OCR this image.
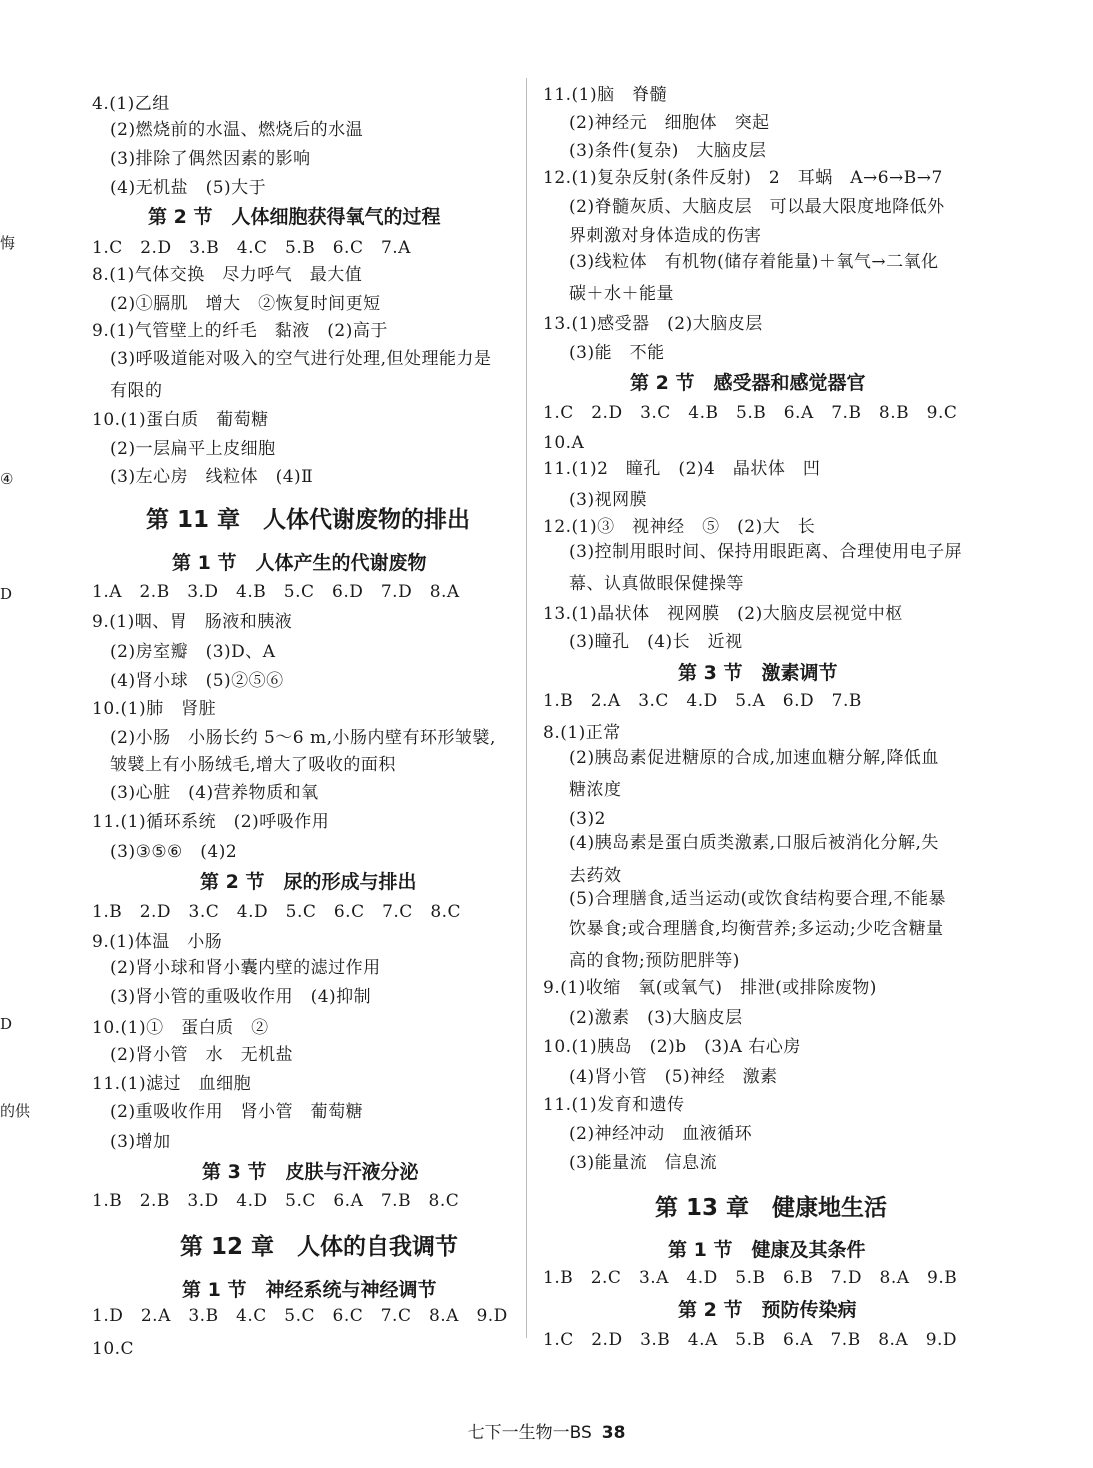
4.(1)乙组
(2)燃烧前的水温、燃烧后的水温
(3)排除了偶然因素的影响
(4)无机盐　(5)大于
第 2 节　人体细胞获得氧气的过程
1.C　2.D　3.B　4.C　5.B　6.C　7.A
8.(1)气体交换　尽力呼气　最大值
(2)①膈肌　增大　②恢复时间更短
9.(1)气管壁上的纤毛　黏液　(2)高于
(3)呼吸道能对吸入的空气进行处理,但处理能力是
有限的
10.(1)蛋白质　葡萄糖
(2)一层扁平上皮细胞
(3)左心房　线粒体　(4)Ⅱ
第 11 章　人体代谢废物的排出
第 1 节　人体产生的代谢废物
1.A　2.B　3.D　4.B　5.C　6.D　7.D　8.A
9.(1)咽、胃　肠液和胰液
(2)房室瓣　(3)D、A
(4)肾小球　(5)②⑤⑥
10.(1)肺　肾脏
(2)小肠　小肠长约 5～6 m,小肠内壁有环形皱襞,
皱襞上有小肠绒毛,增大了吸收的面积
(3)心脏　(4)营养物质和氧
11.(1)循环系统　(2)呼吸作用
(3)③⑤⑥　(4)2
第 2 节　尿的形成与排出
1.B　2.D　3.C　4.D　5.C　6.C　7.C　8.C
9.(1)体温　小肠
(2)肾小球和肾小囊内壁的滤过作用
(3)肾小管的重吸收作用　(4)抑制
10.(1)①　蛋白质　②
(2)肾小管　水　无机盐
11.(1)滤过　血细胞
(2)重吸收作用　肾小管　葡萄糖
(3)增加
第 3 节　皮肤与汗液分泌
1.B　2.B　3.D　4.D　5.C　6.A　7.B　8.C
第 12 章　人体的自我调节
第 1 节　神经系统与神经调节
1.D　2.A　3.B　4.C　5.C　6.C　7.C　8.A　9.D
10.C
11.(1)脑　脊髓
(2)神经元　细胞体　突起
(3)条件(复杂)　大脑皮层
12.(1)复杂反射(条件反射)　2　耳蜗　A→6→B→7
(2)脊髓灰质、大脑皮层　可以最大限度地降低外
界刺激对身体造成的伤害
(3)线粒体　有机物(储存着能量)＋氧气→二氧化
碳＋水＋能量
13.(1)感受器　(2)大脑皮层
(3)能　不能
第 2 节　感受器和感觉器官
1.C　2.D　3.C　4.B　5.B　6.A　7.B　8.B　9.C
10.A
11.(1)2　瞳孔　(2)4　晶状体　凹
(3)视网膜
12.(1)③　视神经　⑤　(2)大　长
(3)控制用眼时间、保持用眼距离、合理使用电子屏
幕、认真做眼保健操等
13.(1)晶状体　视网膜　(2)大脑皮层视觉中枢
(3)瞳孔　(4)长　近视
第 3 节　激素调节
1.B　2.A　3.C　4.D　5.A　6.D　7.B
8.(1)正常
(2)胰岛素促进糖原的合成,加速血糖分解,降低血
糖浓度
(3)2
(4)胰岛素是蛋白质类激素,口服后被消化分解,失
去药效
(5)合理膳食,适当运动(或饮食结构要合理,不能暴
饮暴食;或合理膳食,均衡营养;多运动;少吃含糖量
高的食物;预防肥胖等)
9.(1)收缩　氧(或氧气)　排泄(或排除废物)
(2)激素　(3)大脑皮层
10.(1)胰岛　(2)b　(3)A 右心房
(4)肾小管　(5)神经　激素
11.(1)发育和遗传
(2)神经冲动　血液循环
(3)能量流　信息流
第 13 章　健康地生活
第 1 节　健康及其条件
1.B　2.C　3.A　4.D　5.B　6.B　7.D　8.A　9.B
第 2 节　预防传染病
1.C　2.D　3.B　4.A　5.B　6.A　7.B　8.A　9.D
悔
④
D
D
的供
七下一生物一BS 38
